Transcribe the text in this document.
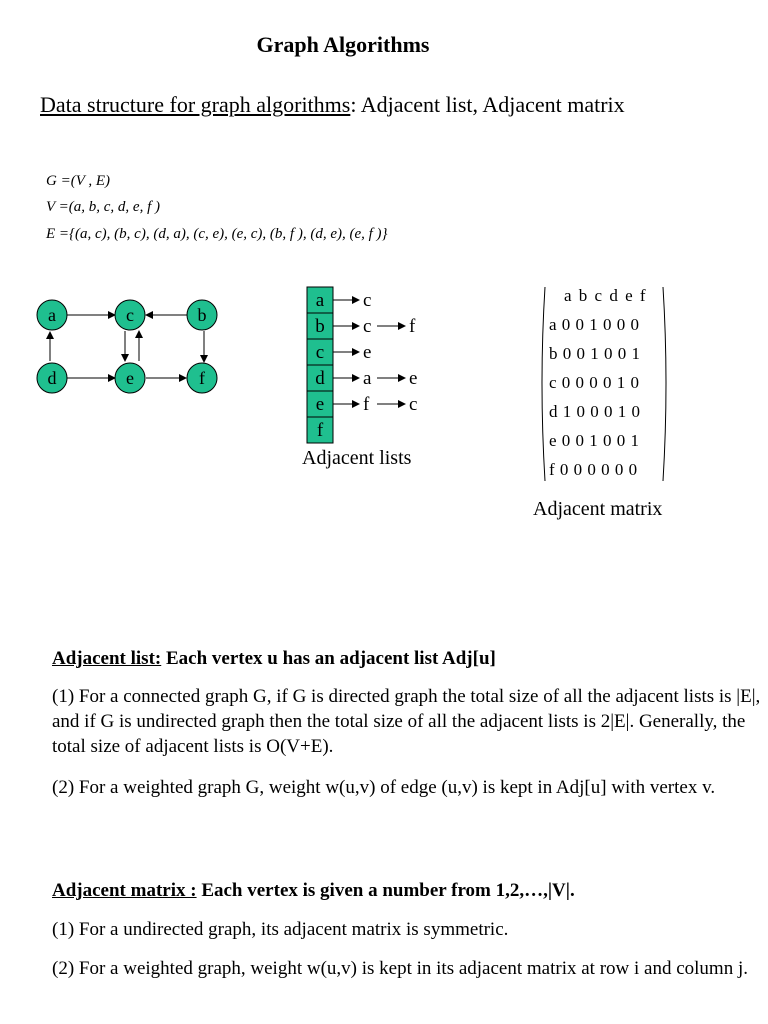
Graph Algorithms
Data structure for graph algorithms: Adjacent list, Adjacent matrix
G =(V , E)
V =(a, b, c, d, e, f )
E ={(a, c), (b, c), (d, a), (c, e), (e, c), (b, f ), (d, e), (e, f )}
a	c	b
d	e	f
a c
b c f
c e
d a e
e f c
f
Adjacent lists
a b c d e f
a 0 0 1 0 0 0
b 0 0 1 0 0 1
c 0 0 0 0 1 0
d 1 0 0 0 1 0
e 0 0 1 0 0 1
f 0 0 0 0 0 0
Adjacent matrix
Adjacent list: Each vertex u has an adjacent list Adj[u]
(1) For a connected graph G, if G is directed graph the total size of all the adjacent lists is |E|, and if G is undirected graph then the total size of all the adjacent lists is 2|E|. Generally, the total size of adjacent lists is O(V+E).
(2) For a weighted graph G, weight w(u,v) of edge (u,v) is kept in Adj[u] with vertex v.
Adjacent matrix : Each vertex is given a number from 1,2,…,|V|.
(1) For a undirected graph, its adjacent matrix is symmetric.
(2) For a weighted graph, weight w(u,v) is kept in its adjacent matrix at row i and column j.
